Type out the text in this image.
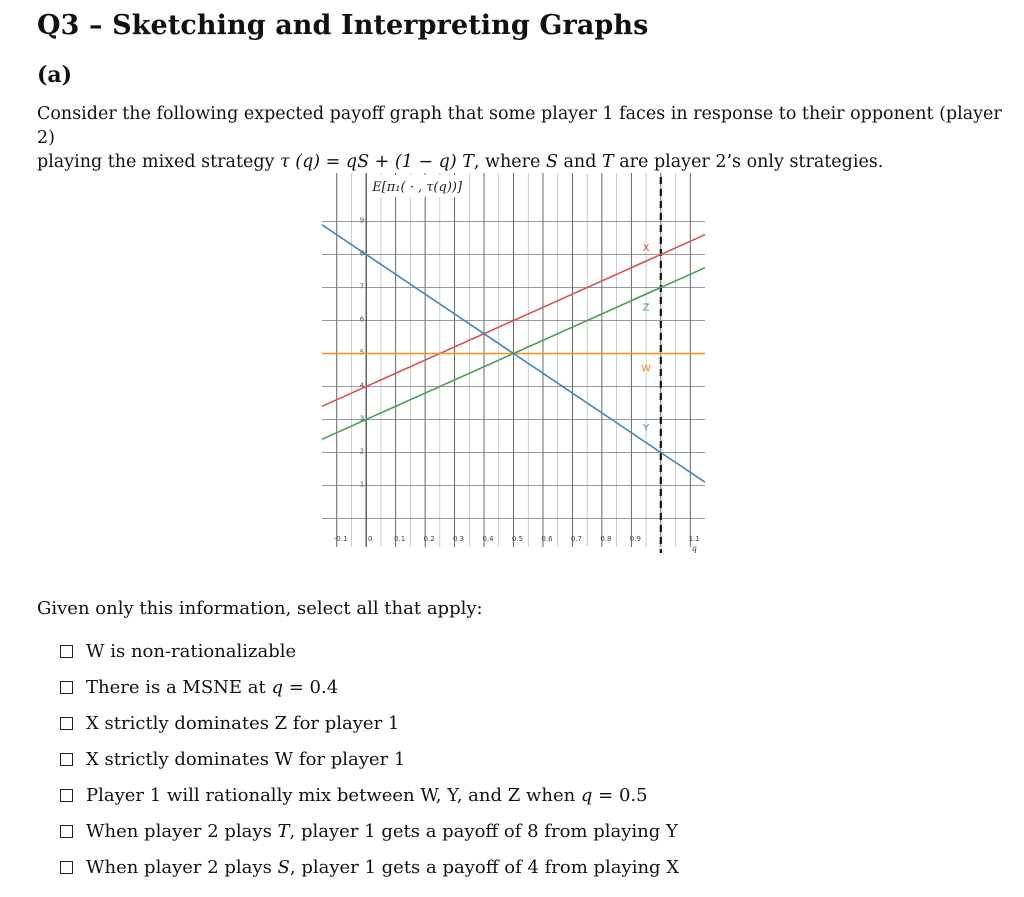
Q3 – Sketching and Interpreting Graphs
(a)
Consider the following expected payoff graph that some player 1 faces in response to their opponent (player 2)
playing the mixed strategy τ (q) = qS + (1 − q) T, where S and T are player 2’s only strategies.
1
2
3
4
5
6
7
8
9
-0.1	0	0.1	0.2	0.3	0.4	0.5	0.6	0.7	0.8	0.9	1.1
X
Z
W
Y
E[π₁( · , τ(q))]
q
Given only this information, select all that apply:
W is non-rationalizable
There is a MSNE at q = 0.4
X strictly dominates Z for player 1
X strictly dominates W for player 1
Player 1 will rationally mix between W, Y, and Z when q = 0.5
When player 2 plays T, player 1 gets a payoff of 8 from playing Y
When player 2 plays S, player 1 gets a payoff of 4 from playing X
